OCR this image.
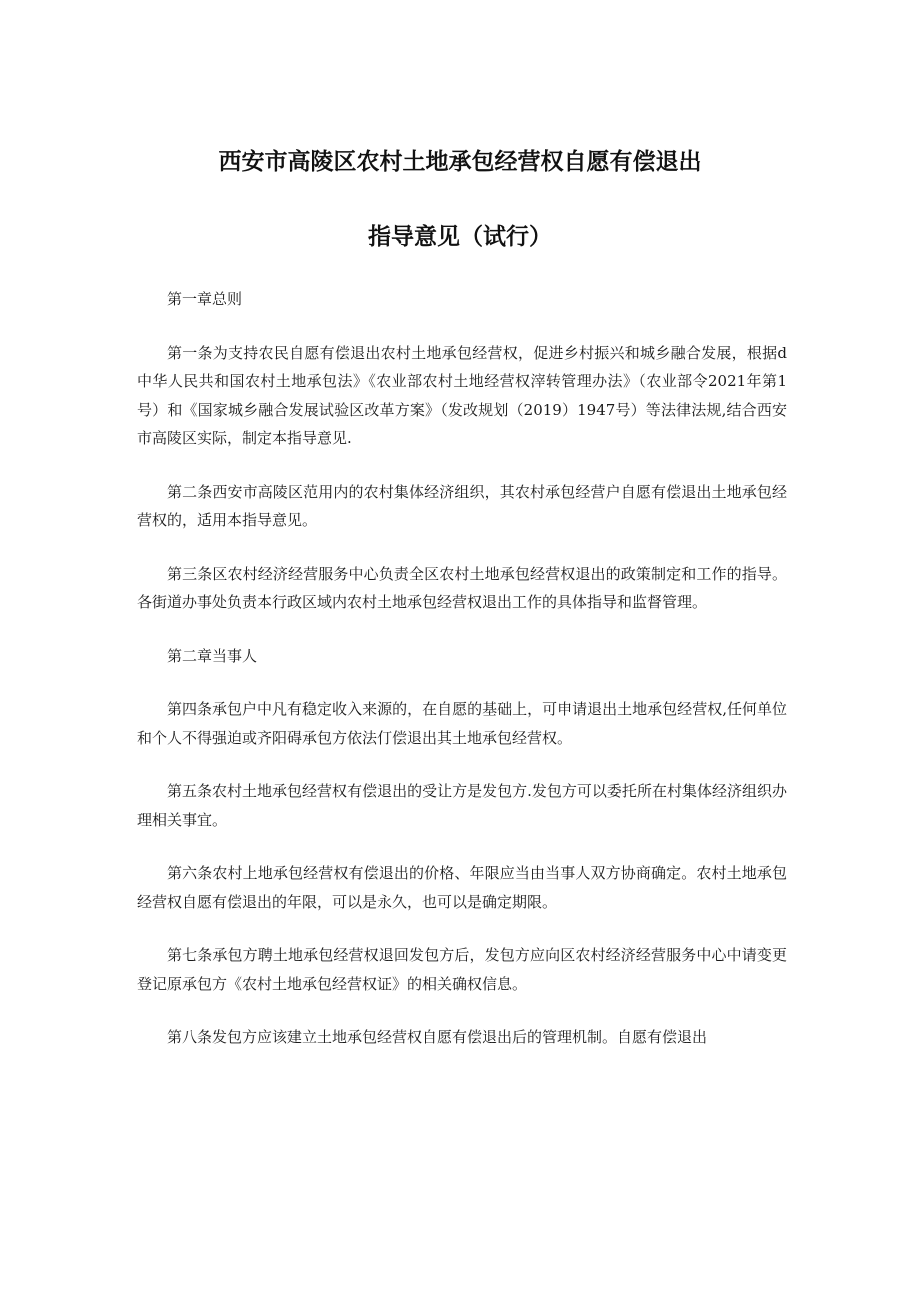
西安市高陵区农村土地承包经营权自愿有偿退出
指导意见（试行）

第一章总则

第一条为支持农民自愿有偿退出农村土地承包经营权，促进乡村振兴和城乡融合发展，根据d中华人民共和国农村土地承包法》《农业部农村土地经营权滓转管理办法》（农业部令2021年第1号）和《国家城乡融合发展试验区改革方案》（发改规划（2019）1947号）等法律法规,结合西安市高陵区实际，制定本指导意见.

第二条西安市高陵区范用内的农村集体经济组织，其农村承包经营户自愿有偿退出土地承包经营权的，适用本指导意见。

第三条区农村经济经营服务中心负责全区农村土地承包经营权退出的政策制定和工作的指导。各街道办事处负责本行政区域内农村土地承包经营权退出工作的具体指导和监督管理。

第二章当事人

第四条承包户中凡有稳定收入来源的，在自愿的基础上，可申请退出土地承包经营权,任何单位和个人不得强迫或齐阳碍承包方依法仃偿退出其土地承包经营权。

第五条农村土地承包经营权有偿退出的受让方是发包方.发包方可以委托所在村集体经济组织办理相关事宜。

第六条农村上地承包经营权有偿退出的价格、年限应当由当事人双方协商确定。农村土地承包经营权自愿有偿退出的年限，可以是永久，也可以是确定期限。

第七条承包方聘土地承包经营权退回发包方后，发包方应向区农村经济经营服务中心中请变更登记原承包方《农村土地承包经营权证》的相关确权信息。

第八条发包方应该建立土地承包经营权自愿有偿退出后的管理机制。自愿有偿退出
